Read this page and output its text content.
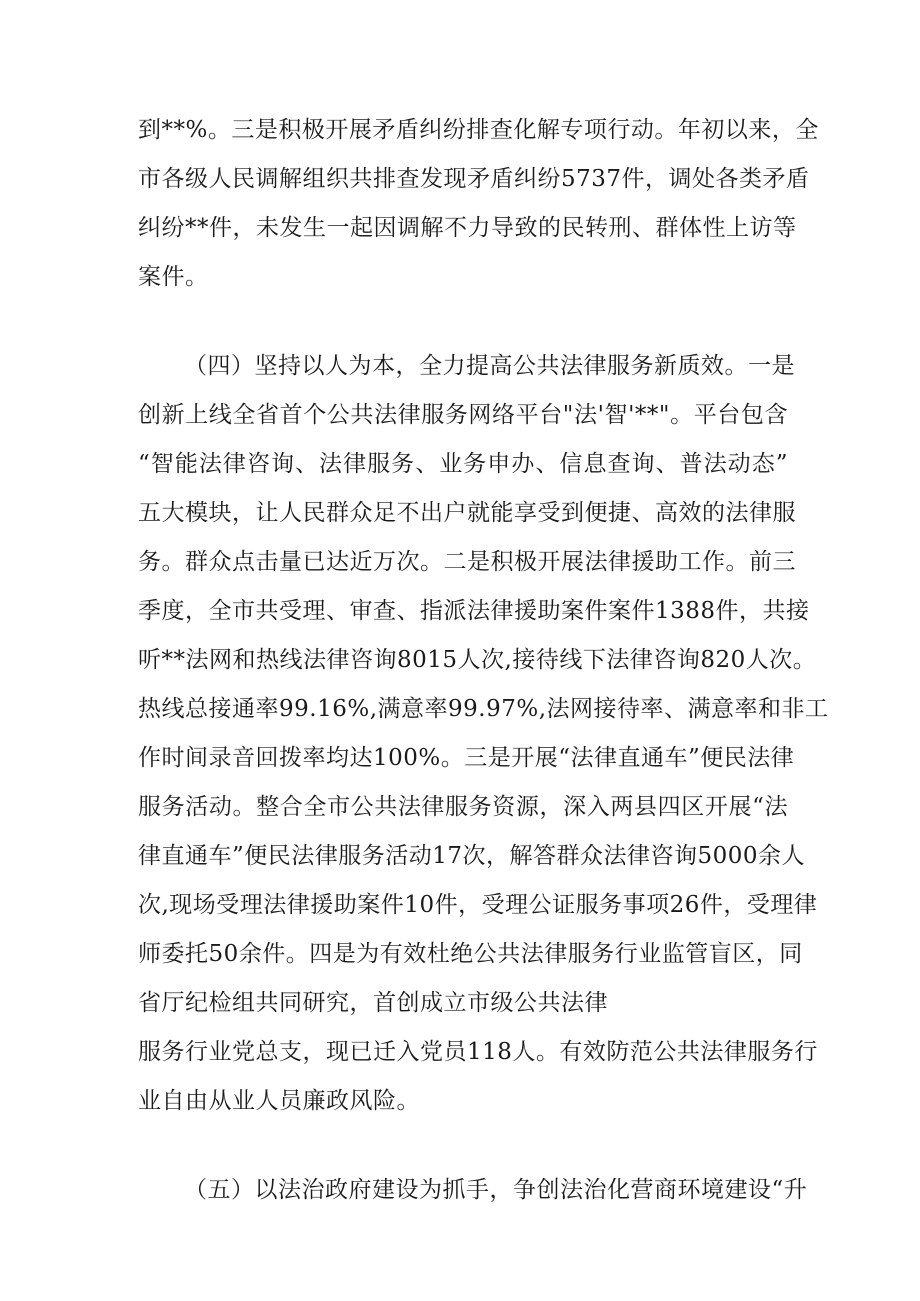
到**%。三是积极开展矛盾纠纷排查化解专项行动。年初以来，全
市各级人民调解组织共排查发现矛盾纠纷5737件，调处各类矛盾
纠纷**件，未发生一起因调解不力导致的民转刑、群体性上访等
案件。
（四）坚持以人为本，全力提高公共法律服务新质效。一是
创新上线全省首个公共法律服务网络平台"法'智'**"。平台包含
“智能法律咨询、法律服务、业务申办、信息查询、普法动态”
五大模块，让人民群众足不出户就能享受到便捷、高效的法律服
务。群众点击量已达近万次。二是积极开展法律援助工作。前三
季度，全市共受理、审查、指派法律援助案件案件1388件，共接
听**法网和热线法律咨询8015人次,接待线下法律咨询820人次。
热线总接通率99.16%,满意率99.97%,法网接待率、满意率和非工
作时间录音回拨率均达100%。三是开展“法律直通车”便民法律
服务活动。整合全市公共法律服务资源，深入两县四区开展“法
律直通车”便民法律服务活动17次，解答群众法律咨询5000余人
次,现场受理法律援助案件10件，受理公证服务事项26件，受理律
师委托50余件。四是为有效杜绝公共法律服务行业监管盲区，同
省厅纪检组共同研究，首创成立市级公共法律
服务行业党总支，现已迁入党员118人。有效防范公共法律服务行
业自由从业人员廉政风险。
（五）以法治政府建设为抓手，争创法治化营商环境建设“升
